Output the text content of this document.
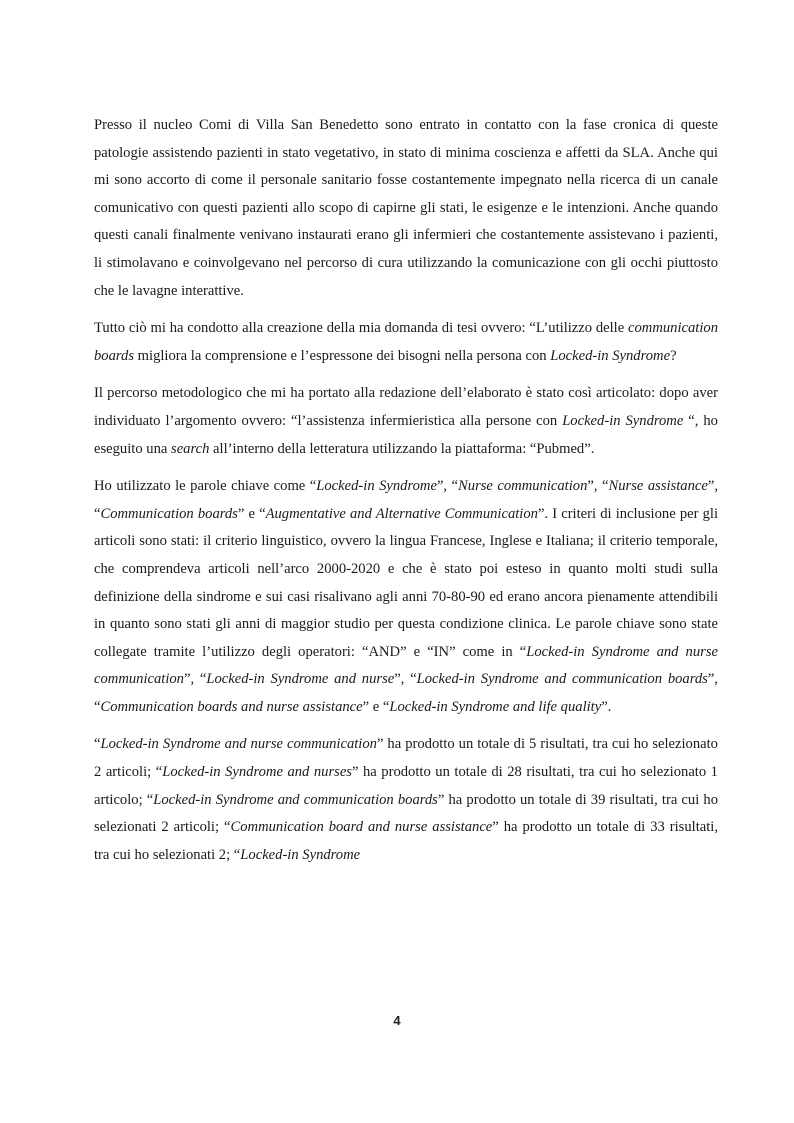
Presso il nucleo Comi di Villa San Benedetto sono entrato in contatto con la fase cronica di queste patologie assistendo pazienti in stato vegetativo, in stato di minima coscienza e affetti da SLA. Anche qui mi sono accorto di come il personale sanitario fosse costantemente impegnato nella ricerca di un canale comunicativo con questi pazienti allo scopo di capirne gli stati, le esigenze e le intenzioni. Anche quando questi canali finalmente venivano instaurati erano gli infermieri che costantemente assistevano i pazienti, li stimolavano e coinvolgevano nel percorso di cura utilizzando la comunicazione con gli occhi piuttosto che le lavagne interattive.

Tutto ciò mi ha condotto alla creazione della mia domanda di tesi ovvero: “L’utilizzo delle communication boards migliora la comprensione e l’espressone dei bisogni nella persona con Locked-in Syndrome?

Il percorso metodologico che mi ha portato alla redazione dell’elaborato è stato così articolato: dopo aver individuato l’argomento ovvero: “l’assistenza infermieristica alla persone con Locked-in Syndrome “, ho eseguito una search all’interno della letteratura utilizzando la piattaforma: “Pubmed”.

Ho utilizzato le parole chiave come “Locked-in Syndrome”, “Nurse communication”, “Nurse assistance”, “Communication boards” e “Augmentative and Alternative Communication”. I criteri di inclusione per gli articoli sono stati: il criterio linguistico, ovvero la lingua Francese, Inglese e Italiana; il criterio temporale, che comprendeva articoli nell’arco 2000-2020 e che è stato poi esteso in quanto molti studi sulla definizione della sindrome e sui casi risalivano agli anni 70-80-90 ed erano ancora pienamente attendibili in quanto sono stati gli anni di maggior studio per questa condizione clinica. Le parole chiave sono state collegate tramite l’utilizzo degli operatori: “AND” e “IN” come in “Locked-in Syndrome and nurse communication”, “Locked-in Syndrome and nurse”, “Locked-in Syndrome and communication boards”, “Communication boards and nurse assistance” e “Locked-in Syndrome and life quality”.

“Locked-in Syndrome and nurse communication” ha prodotto un totale di 5 risultati, tra cui ho selezionato 2 articoli; “Locked-in Syndrome and nurses” ha prodotto un totale di 28 risultati, tra cui ho selezionato 1 articolo; “Locked-in Syndrome and communication boards” ha prodotto un totale di 39 risultati, tra cui ho selezionati 2 articoli; “Communication board and nurse assistance” ha prodotto un totale di 33 risultati, tra cui ho selezionati 2; “Locked-in Syndrome

4
